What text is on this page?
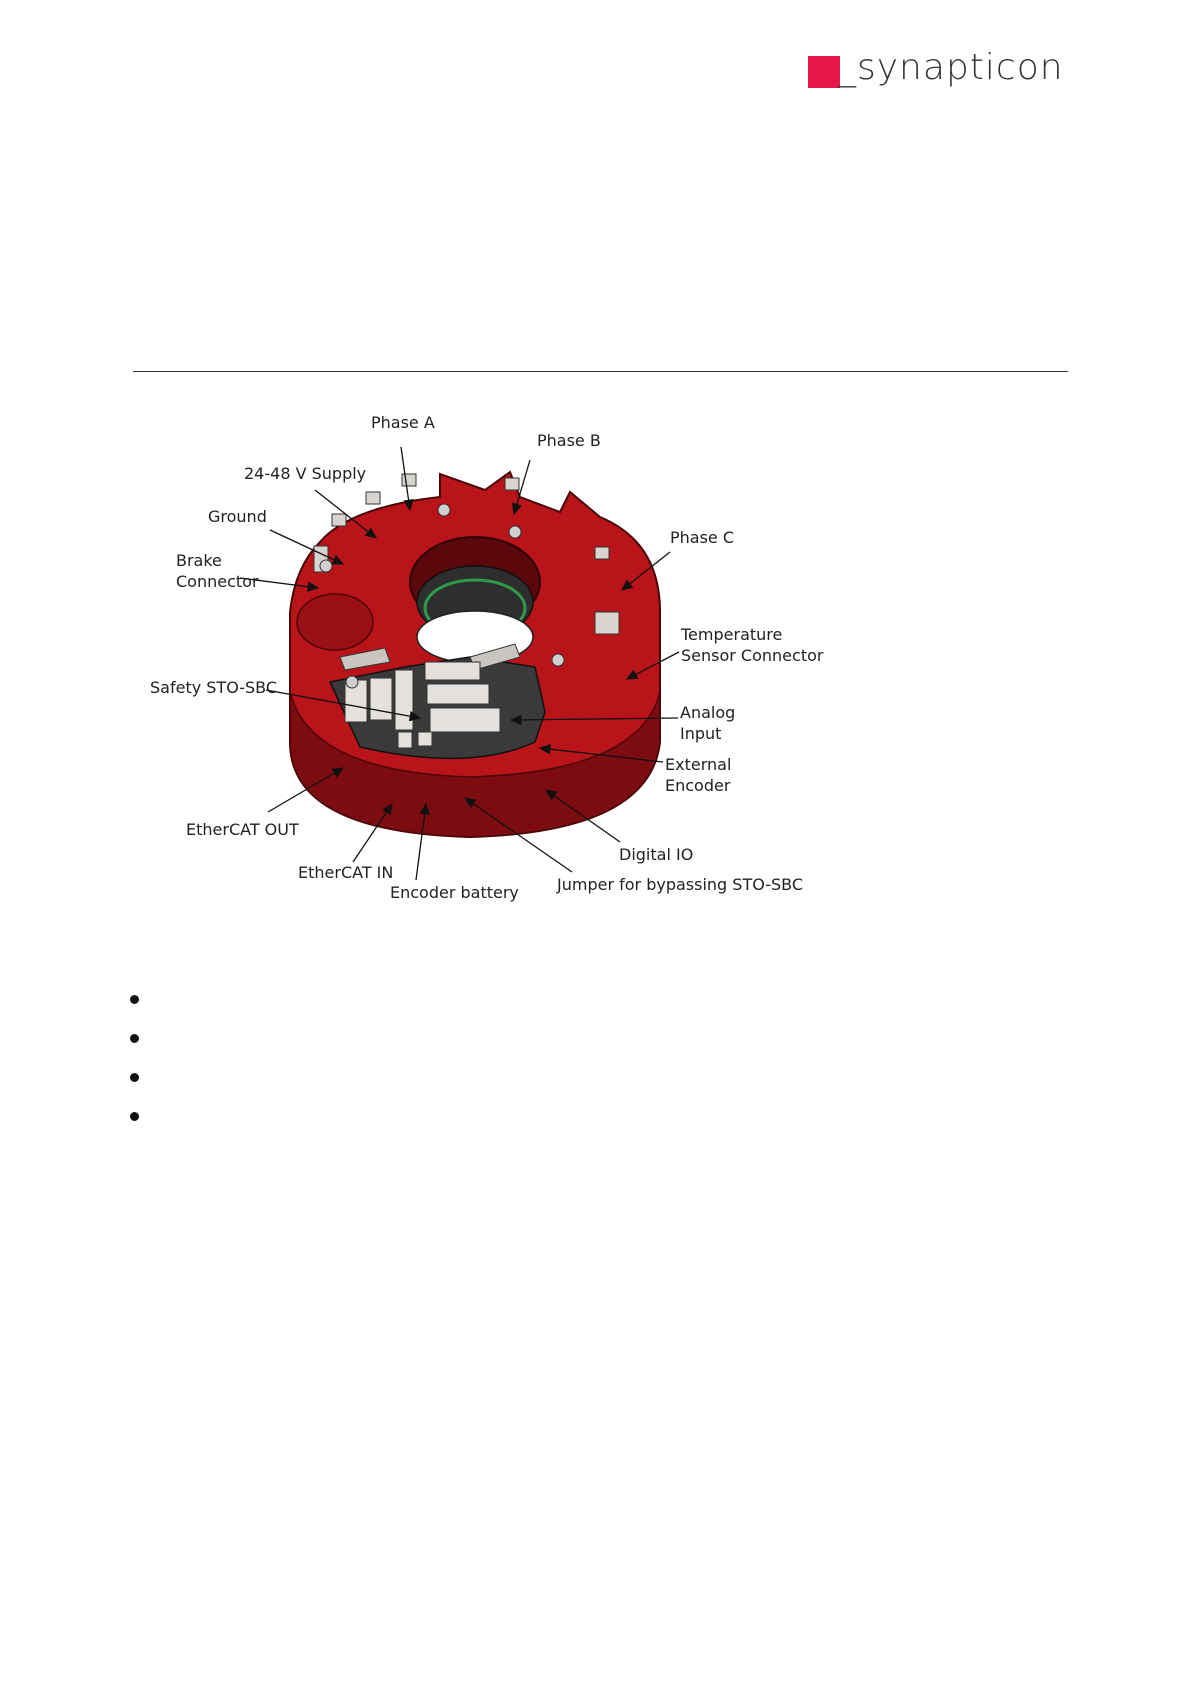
_synapticon
Phase A
Phase B
24-48 V Supply
Ground
Brake
Connector
Phase C
Temperature
Sensor Connector
Safety STO-SBC
Analog
Input
External
Encoder
EtherCAT OUT
Digital IO
EtherCAT IN
Jumper for bypassing STO-SBC
Encoder battery
